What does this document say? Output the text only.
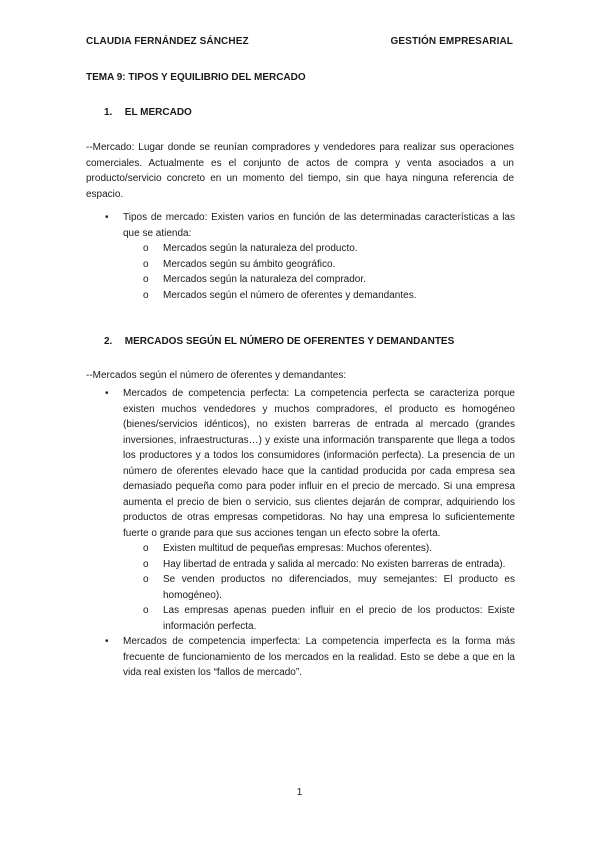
CLAUDIA FERNÁNDEZ SÁNCHEZ	GESTIÓN EMPRESARIAL
TEMA 9: TIPOS Y EQUILIBRIO DEL MERCADO
1. EL MERCADO
--Mercado: Lugar donde se reunían compradores y vendedores para realizar sus operaciones comerciales. Actualmente es el conjunto de actos de compra y venta asociados a un producto/servicio concreto en un momento del tiempo, sin que haya ninguna referencia de espacio.
• Tipos de mercado: Existen varios en función de las determinadas características a las que se atienda:
o Mercados según la naturaleza del producto.
o Mercados según su ámbito geográfico.
o Mercados según la naturaleza del comprador.
o Mercados según el número de oferentes y demandantes.
2. MERCADOS SEGÚN EL NÚMERO DE OFERENTES Y DEMANDANTES
--Mercados según el número de oferentes y demandantes:
• Mercados de competencia perfecta: La competencia perfecta se caracteriza porque existen muchos vendedores y muchos compradores, el producto es homogéneo (bienes/servicios idénticos), no existen barreras de entrada al mercado (grandes inversiones, infraestructuras…) y existe una información transparente que llega a todos los productores y a todos los consumidores (información perfecta). La presencia de un número de oferentes elevado hace que la cantidad producida por cada empresa sea demasiado pequeña como para poder influir en el precio de mercado. Si una empresa aumenta el precio de bien o servicio, sus clientes dejarán de comprar, adquiriendo los productos de otras empresas competidoras. No hay una empresa lo suficientemente fuerte o grande para que sus acciones tengan un efecto sobre la oferta.
o Existen multitud de pequeñas empresas: Muchos oferentes).
o Hay libertad de entrada y salida al mercado: No existen barreras de entrada).
o Se venden productos no diferenciados, muy semejantes: El producto es homogéneo).
o Las empresas apenas pueden influir en el precio de los productos: Existe información perfecta.
• Mercados de competencia imperfecta: La competencia imperfecta es la forma más frecuente de funcionamiento de los mercados en la realidad. Esto se debe a que en la vida real existen los “fallos de mercado”.
1
